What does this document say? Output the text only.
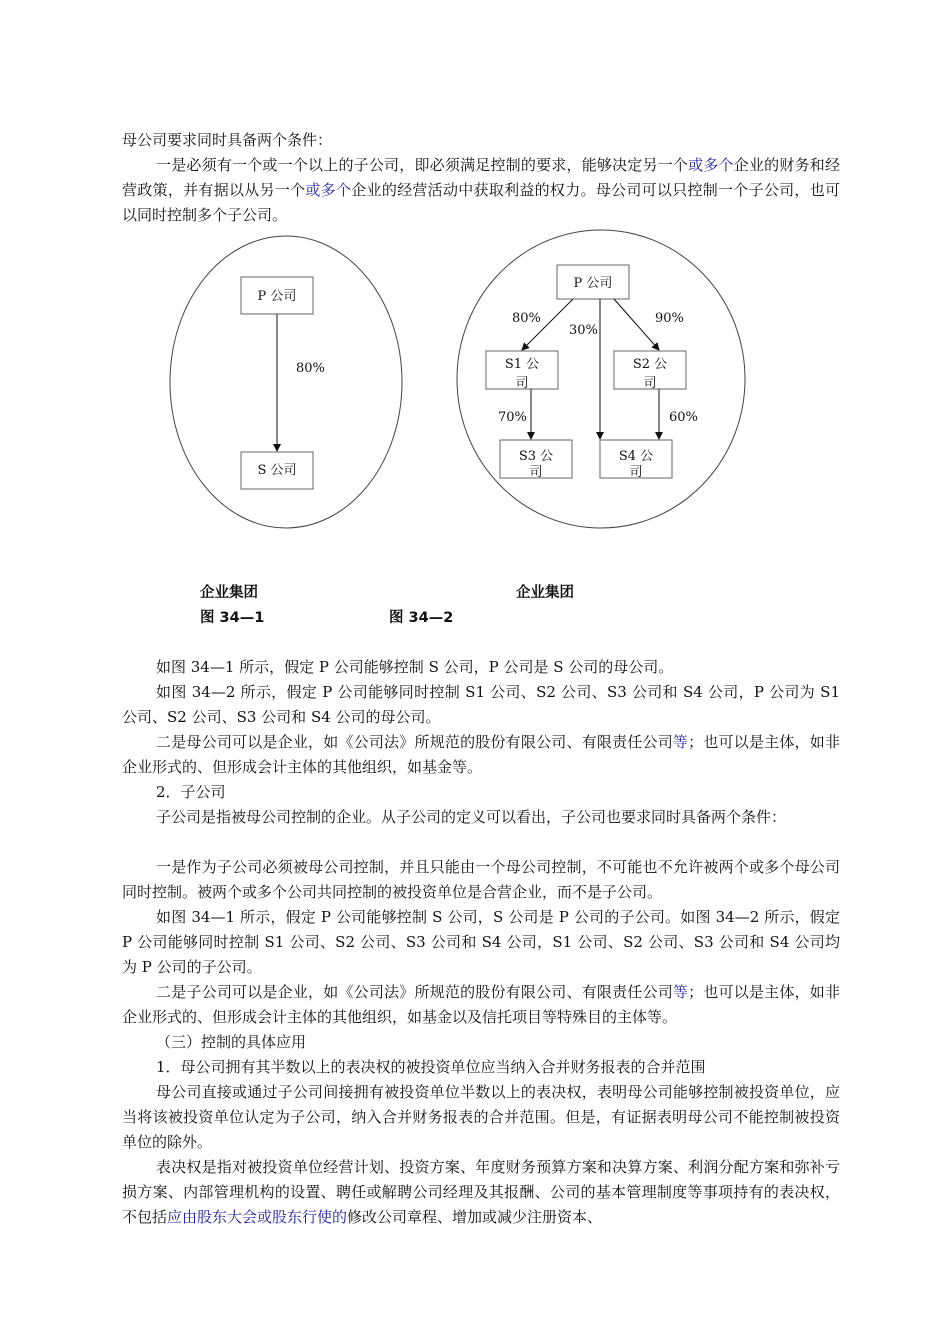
母公司要求同时具备两个条件：

一是必须有一个或一个以上的子公司，即必须满足控制的要求，能够决定另一个或多个企业的财务和经营政策，并有据以从另一个或多个企业的经营活动中获取利益的权力。母公司可以只控制一个子公司，也可以同时控制多个子公司。

P 公司
80%
S 公司
P 公司
80%
30%
90%
S1 公
司
S2 公
司
70%	60%
S3 公
司
S4 公
司
企业集团	企业集团
图 34—1	图 34—2

如图 34—1 所示，假定 P 公司能够控制 S 公司，P 公司是 S 公司的母公司。

如图 34—2 所示，假定 P 公司能够同时控制 S1 公司、S2 公司、S3 公司和 S4 公司，P 公司为 S1 公司、S2 公司、S3 公司和 S4 公司的母公司。

二是母公司可以是企业，如《公司法》所规范的股份有限公司、有限责任公司等；也可以是主体，如非企业形式的、但形成会计主体的其他组织，如基金等。

2．子公司

子公司是指被母公司控制的企业。从子公司的定义可以看出，子公司也要求同时具备两个条件：

一是作为子公司必须被母公司控制，并且只能由一个母公司控制，不可能也不允许被两个或多个母公司同时控制。被两个或多个公司共同控制的被投资单位是合营企业，而不是子公司。

如图 34—1 所示，假定 P 公司能够控制 S 公司，S 公司是 P 公司的子公司。如图 34—2 所示，假定 P 公司能够同时控制 S1 公司、S2 公司、S3 公司和 S4 公司，S1 公司、S2 公司、S3 公司和 S4 公司均为 P 公司的子公司。

二是子公司可以是企业，如《公司法》所规范的股份有限公司、有限责任公司等；也可以是主体，如非企业形式的、但形成会计主体的其他组织，如基金以及信托项目等特殊目的主体等。

（三）控制的具体应用

1．母公司拥有其半数以上的表决权的被投资单位应当纳入合并财务报表的合并范围

母公司直接或通过子公司间接拥有被投资单位半数以上的表决权，表明母公司能够控制被投资单位，应当将该被投资单位认定为子公司，纳入合并财务报表的合并范围。但是，有证据表明母公司不能控制被投资单位的除外。

表决权是指对被投资单位经营计划、投资方案、年度财务预算方案和决算方案、利润分配方案和弥补亏损方案、内部管理机构的设置、聘任或解聘公司经理及其报酬、公司的基本管理制度等事项持有的表决权，不包括应由股东大会或股东行使的修改公司章程、增加或减少注册资本、
